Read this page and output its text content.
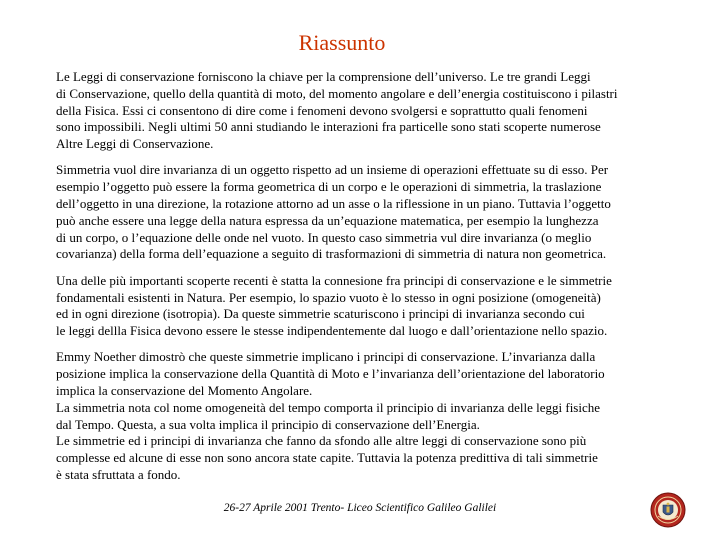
Riassunto

Le Leggi di conservazione forniscono la chiave per la comprensione dell’universo. Le tre grandi Leggi
di Conservazione, quello della quantità di moto, del momento angolare e dell’energia costituiscono i pilastri
della Fisica. Essi ci consentono di dire come i fenomeni devono svolgersi e soprattutto quali fenomeni
sono impossibili. Negli ultimi 50 anni studiando le interazioni fra particelle sono stati scoperte numerose
Altre Leggi di Conservazione.

Simmetria vuol dire invarianza di un oggetto rispetto ad un insieme di operazioni effettuate su di esso. Per
esempio l’oggetto può essere la forma geometrica di un corpo e le operazioni di simmetria, la traslazione
dell’oggetto in una direzione, la rotazione attorno ad un asse o la riflessione in un piano. Tuttavia l’oggetto
può anche essere una legge della natura espressa da un’equazione matematica, per esempio la lunghezza
di un corpo, o l’equazione delle onde nel vuoto. In questo caso simmetria vul dire invarianza (o meglio
covarianza) della forma dell’equazione a seguito di trasformazioni di simmetria di natura non geometrica.

Una delle più importanti scoperte recenti è statta la connesione fra principi di conservazione e le simmetrie
fondamentali esistenti in Natura. Per esempio, lo spazio vuoto è lo stesso in ogni posizione (omogeneità)
ed in ogni direzione (isotropia). Da queste simmetrie scaturiscono i principi di invarianza secondo cui
le leggi dellla Fisica devono essere le stesse indipendentemente dal luogo e dall’orientazione nello spazio.

Emmy Noether dimostrò che queste simmetrie implicano i principi di conservazione. L’invarianza dalla
posizione implica la conservazione della Quantità di Moto e l’invarianza dell’orientazione del laboratorio
implica la conservazione del Momento Angolare.
La simmetria nota col nome omogeneità del tempo comporta il principio di invarianza delle leggi fisiche
dal Tempo. Questa, a sua volta implica il principio di conservazione dell’Energia.
Le simmetrie ed i principi di invarianza che fanno da sfondo alle altre leggi di conservazione sono più
complesse ed alcune di esse non sono ancora state capite. Tuttavia la potenza predittiva di tali simmetrie
è stata sfruttata a fondo.

26-27 Aprile 2001 Trento- Liceo Scientifico Galileo Galilei
